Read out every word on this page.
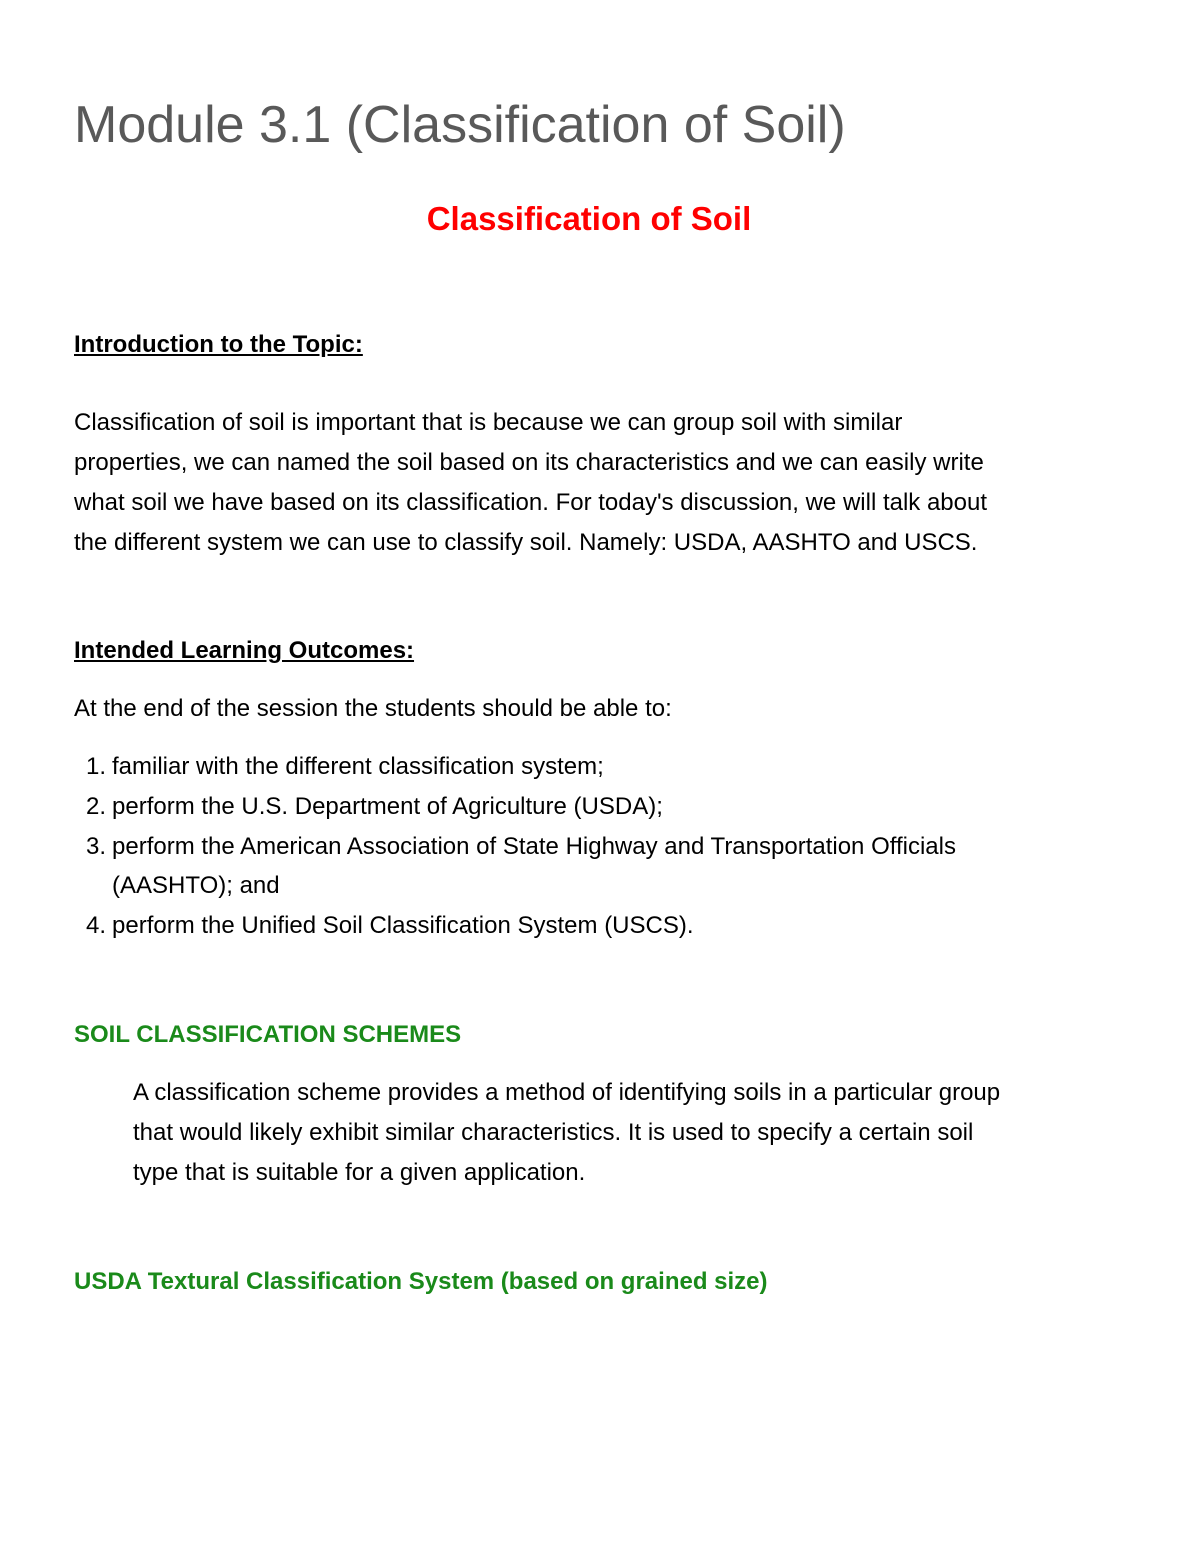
Module 3.1 (Classification of Soil)
Classification of Soil
Introduction to the Topic:
Classification of soil is important that is because we can group soil with similar
properties, we can named the soil based on its characteristics and we can easily write
what soil we have based on its classification. For today's discussion, we will talk about
the different system we can use to classify soil. Namely: USDA, AASHTO and USCS.
Intended Learning Outcomes:
At the end of the session the students should be able to:
1. familiar with the different classification system;
2. perform the U.S. Department of Agriculture (USDA);
3. perform the American Association of State Highway and Transportation Officials
(AASHTO); and
4. perform the Unified Soil Classification System (USCS).
SOIL CLASSIFICATION SCHEMES
A classification scheme provides a method of identifying soils in a particular group
that would likely exhibit similar characteristics. It is used to specify a certain soil
type that is suitable for a given application.
USDA Textural Classification System (based on grained size)
